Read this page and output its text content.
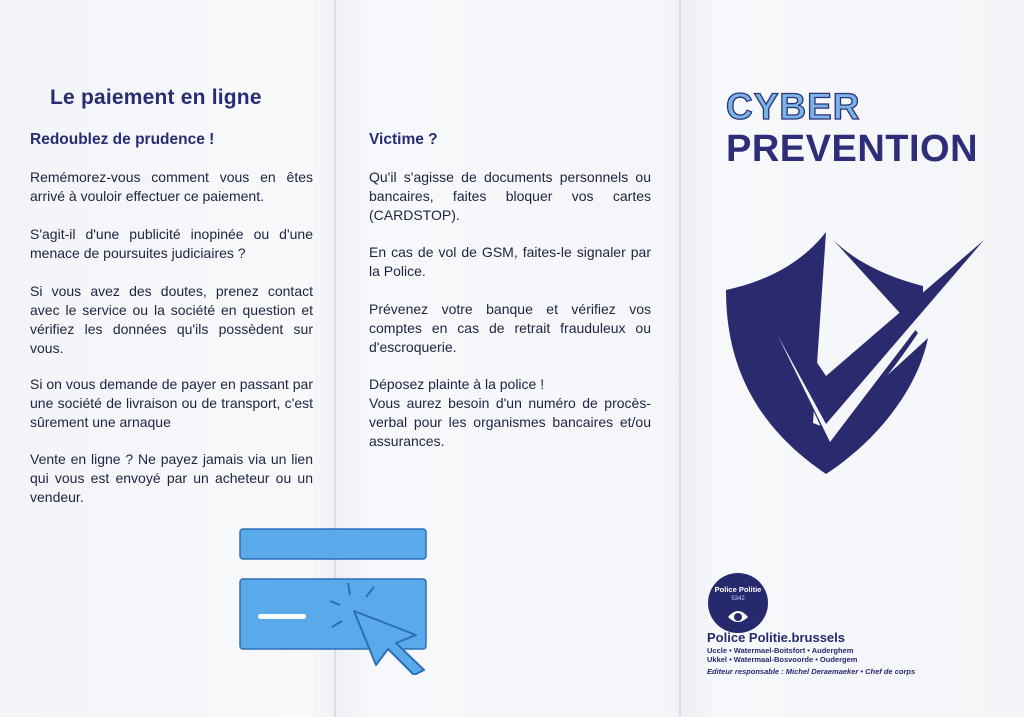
Le paiement en ligne
Redoublez de prudence !
Remémorez-vous comment vous en êtes arrivé à vouloir effectuer ce paiement.
S'agit-il d'une publicité inopinée ou d'une menace de poursuites judiciaires ?
Si vous avez des doutes, prenez contact avec le service ou la société en question et vérifiez les données qu'ils possèdent sur vous.
Si on vous demande de payer en passant par une société de livraison ou de transport, c'est sûrement une arnaque
Vente en ligne ? Ne payez jamais via un lien qui vous est envoyé par un acheteur ou un vendeur.
Victime ?
Qu'il s'agisse de documents personnels ou bancaires, faites bloquer vos cartes (CARDSTOP).
En cas de vol de GSM, faites-le signaler par la Police.
Prévenez votre banque et vérifiez vos comptes en cas de retrait frauduleux ou d'escroquerie.
Déposez plainte à la police !
Vous aurez besoin d'un numéro de procès-verbal pour les organismes bancaires et/ou assurances.
CYBER
PREVENTION
Police Politie
5342
Police Politie.brussels
Uccle • Watermael-Boitsfort • Auderghem
Ukkel • Watermaal-Bosvoorde • Oudergem
Editeur responsable : Michel Deraemaeker • Chef de corps
